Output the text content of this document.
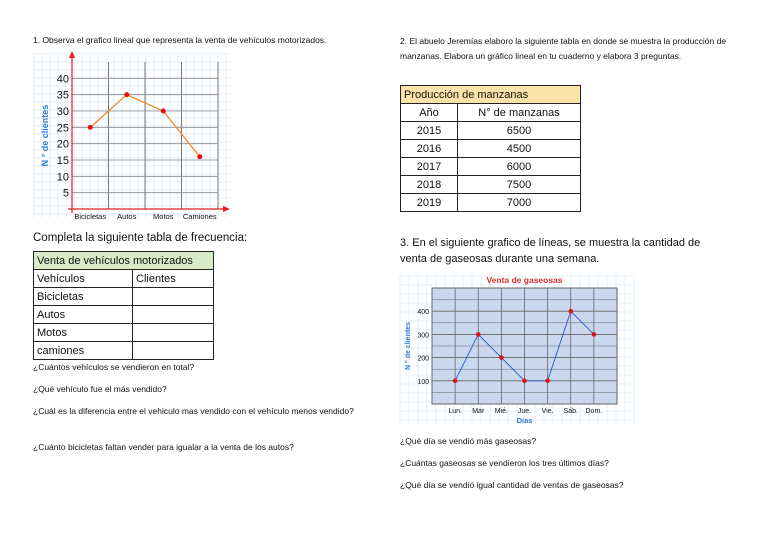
1. Observa el grafico lineal que representa la venta de vehículos motorizados.
5
10
15
20
25
30
35
40
N ° de clientes
Bicicletas Autos Motos Camiones
Completa la siguiente tabla de frecuencia:
Venta de vehículos motorizados	
Vehículos	Clientes
Bicicletas	
Autos	
Motos	
camiones	
¿Cuántos vehículos se vendieron en total?
¿Qué vehículo fue el más vendido?
¿Cuál es la diferencia entre el vehiculo mas vendido con el vehículo menos vendido?
¿Cuánto bicicletas faltan vender para igualar a la venta de los autos?
2. El abuelo Jeremías elaboro la siguiente tabla en donde se muestra la producción de manzanas. Elabora un gráfico lineal en tu cuaderno y elabora 3 preguntas.
Producción de manzanas	
Año	N° de manzanas
2015	6500
2016	4500
2017	6000
2018	7500
2019	7000
3. En el siguiente grafico de líneas, se muestra la cantidad de venta de gaseosas durante una semana.
Venta de gaseosas
100
200
300
400
N ° de clientes
Lun. Mar Mié. Jue. Vie. Sáb. Dom.
Días
¿Qué día se vendió más gaseosas?
¿Cuántas gaseosas se vendieron los tres últimos días?
¿Qué día se vendió igual cantidad de ventas de gaseosas?
